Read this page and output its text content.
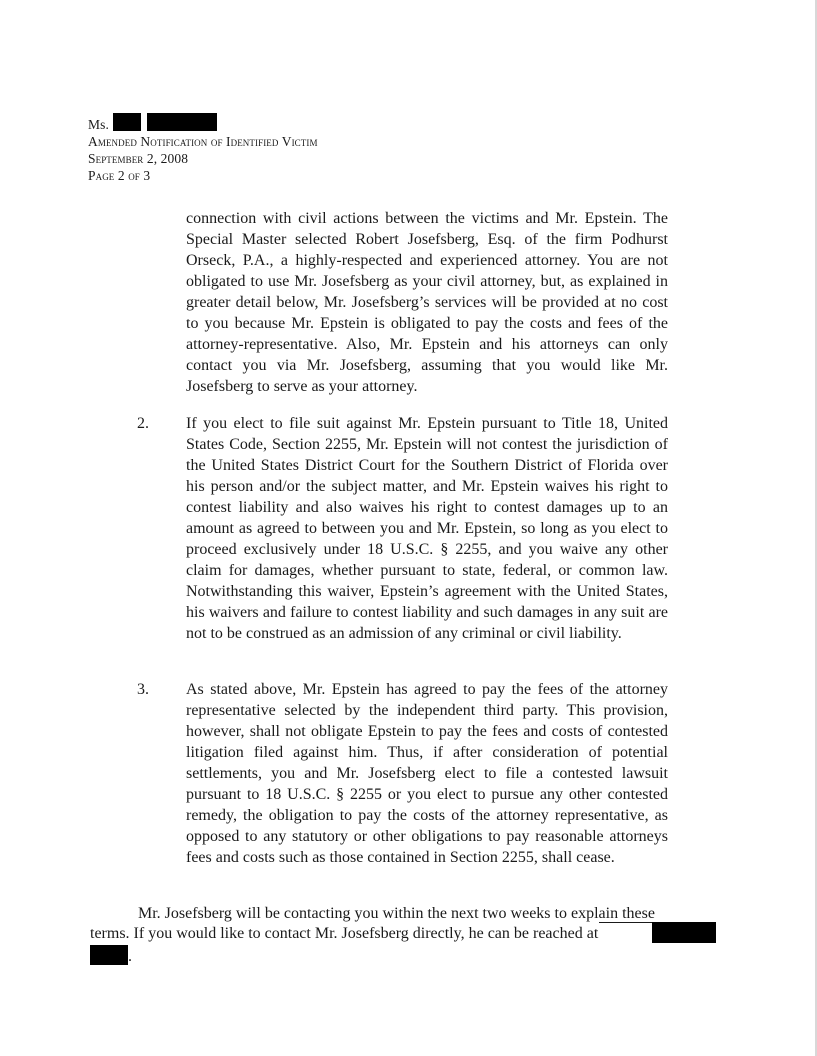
Ms.
Amended Notification of Identified Victim
September 2, 2008
Page 2 of 3

connection with civil actions between the victims and Mr. Epstein. The Special Master selected Robert Josefsberg, Esq. of the firm Podhurst Orseck, P.A., a highly-respected and experienced attorney. You are not obligated to use Mr. Josefsberg as your civil attorney, but, as explained in greater detail below, Mr. Josefsberg’s services will be provided at no cost to you because Mr. Epstein is obligated to pay the costs and fees of the attorney-representative. Also, Mr. Epstein and his attorneys can only contact you via Mr. Josefsberg, assuming that you would like Mr. Josefsberg to serve as your attorney.

2. If you elect to file suit against Mr. Epstein pursuant to Title 18, United States Code, Section 2255, Mr. Epstein will not contest the jurisdiction of the United States District Court for the Southern District of Florida over his person and/or the subject matter, and Mr. Epstein waives his right to contest liability and also waives his right to contest damages up to an amount as agreed to between you and Mr. Epstein, so long as you elect to proceed exclusively under 18 U.S.C. § 2255, and you waive any other claim for damages, whether pursuant to state, federal, or common law. Notwithstanding this waiver, Epstein’s agreement with the United States, his waivers and failure to contest liability and such damages in any suit are not to be construed as an admission of any criminal or civil liability.

3. As stated above, Mr. Epstein has agreed to pay the fees of the attorney representative selected by the independent third party. This provision, however, shall not obligate Epstein to pay the fees and costs of contested litigation filed against him. Thus, if after consideration of potential settlements, you and Mr. Josefsberg elect to file a contested lawsuit pursuant to 18 U.S.C. § 2255 or you elect to pursue any other contested remedy, the obligation to pay the costs of the attorney representative, as opposed to any statutory or other obligations to pay reasonable attorneys fees and costs such as those contained in Section 2255, shall cease.

Mr. Josefsberg will be contacting you within the next two weeks to explain these
terms. If you would like to contact Mr. Josefsberg directly, he can be reached at
.
